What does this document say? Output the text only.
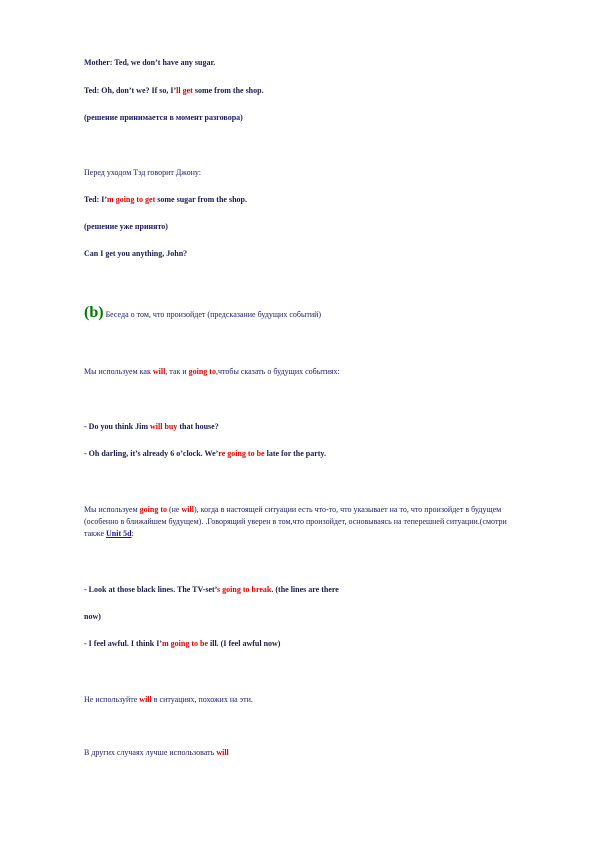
Mother: Ted, we don’t have any sugar.
Ted: Oh, don’t we? If so, I’ll get some from the shop.
(решение принимается в момент разговора)
Перед уходом Тэд говорит Джону:
Ted: I’m going to get some sugar from the shop.
(решение уже принято)
Can I get you anything, John?
(b) Беседа о том, что произойдет (предсказание будущих событий)
Мы используем как will, так и going to,чтобы сказать о будущих событиях:
- Do you think Jim will buy that house?
- Oh darling, it’s already 6 o’clock. We’re going to be late for the party.
Мы используем going to (не will), когда в настоящей ситуации есть что-то, что указывает на то, что произойдет в будущем (особенно в ближайшем будущем). .Говорящий уверен в том,что произойдет, основываясь на теперешней ситуации.(смотри также Unit 5d:
- Look at those black lines. The TV-set’s going to break. (the lines are there
now)
- I feel awful. I think I’m going to be ill. (I feel awful now)
Не используйте will в ситуациях, похожих на эти.
В других случаях лучше использовать will
